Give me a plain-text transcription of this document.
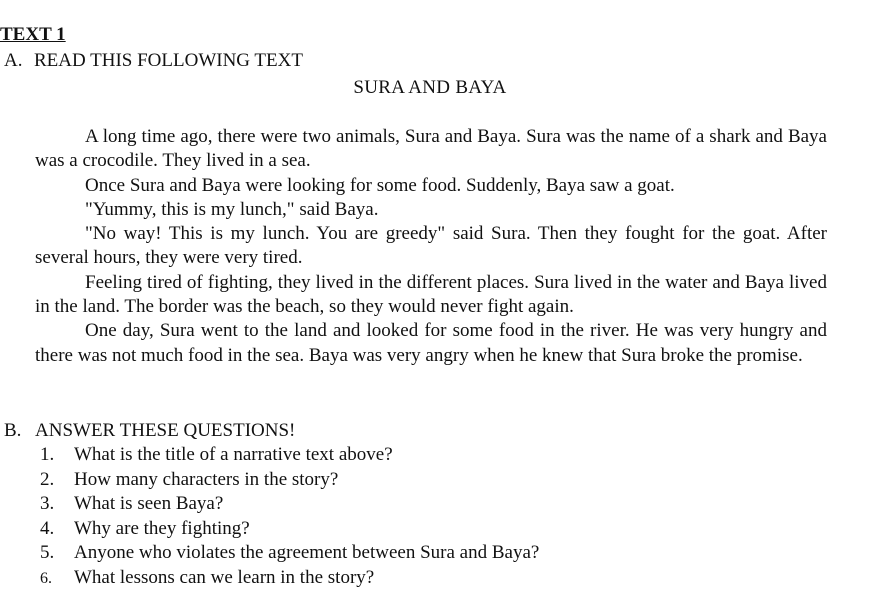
TEXT 1
A. READ THIS FOLLOWING TEXT
SURA AND BAYA

A long time ago, there were two animals, Sura and Baya. Sura was the name of a shark and Baya was a crocodile. They lived in a sea.

Once Sura and Baya were looking for some food. Suddenly, Baya saw a goat.

"Yummy, this is my lunch," said Baya.

"No way! This is my lunch. You are greedy" said Sura. Then they fought for the goat. After several hours, they were very tired.

Feeling tired of fighting, they lived in the different places. Sura lived in the water and Baya lived in the land. The border was the beach, so they would never fight again.

One day, Sura went to the land and looked for some food in the river. He was very hungry and there was not much food in the sea. Baya was very angry when he knew that Sura broke the promise.

B. ANSWER THESE QUESTIONS!
1. What is the title of a narrative text above?
2. How many characters in the story?
3. What is seen Baya?
4. Why are they fighting?
5. Anyone who violates the agreement between Sura and Baya?
6. What lessons can we learn in the story?
